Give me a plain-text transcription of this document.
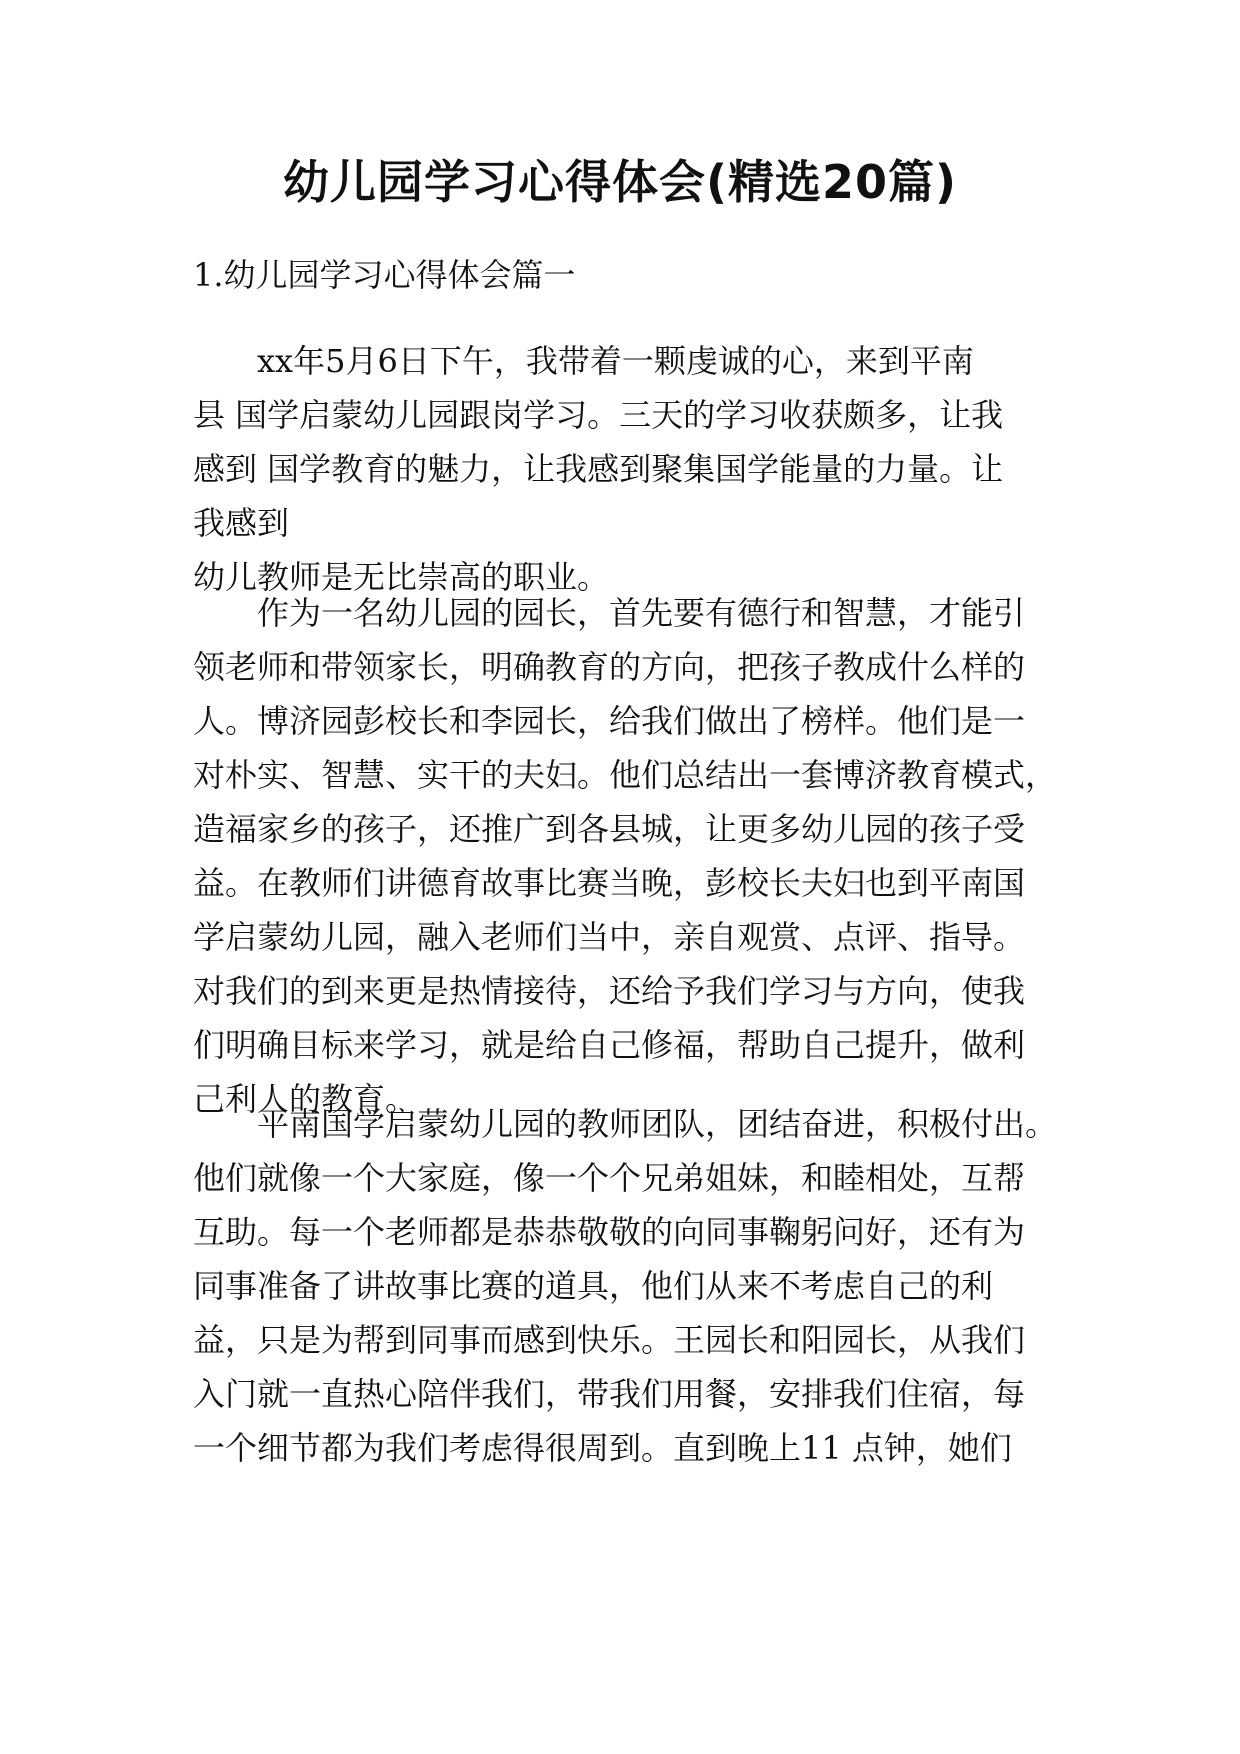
幼儿园学习心得体会(精选20篇)
1.幼儿园学习心得体会篇一
xx年5月6日下午，我带着一颗虔诚的心，来到平南
县 国学启蒙幼儿园跟岗学习。三天的学习收获颇多，让我
感到 国学教育的魅力，让我感到聚集国学能量的力量。让
我感到
幼儿教师是无比崇高的职业。
作为一名幼儿园的园长，首先要有德行和智慧，才能引
领老师和带领家长，明确教育的方向，把孩子教成什么样的
人。博济园彭校长和李园长，给我们做出了榜样。他们是一
对朴实、智慧、实干的夫妇。他们总结出一套博济教育模式，
造福家乡的孩子，还推广到各县城，让更多幼儿园的孩子受
益。在教师们讲德育故事比赛当晚，彭校长夫妇也到平南国
学启蒙幼儿园，融入老师们当中，亲自观赏、点评、指导。
对我们的到来更是热情接待，还给予我们学习与方向，使我
们明确目标来学习，就是给自己修福，帮助自己提升，做利
己利人的教育。
平南国学启蒙幼儿园的教师团队，团结奋进，积极付出。
他们就像一个大家庭，像一个个兄弟姐妹，和睦相处，互帮
互助。每一个老师都是恭恭敬敬的向同事鞠躬问好，还有为
同事准备了讲故事比赛的道具，他们从来不考虑自己的利
益，只是为帮到同事而感到快乐。王园长和阳园长，从我们
入门就一直热心陪伴我们，带我们用餐，安排我们住宿，每
一个细节都为我们考虑得很周到。直到晚上11 点钟，她们
